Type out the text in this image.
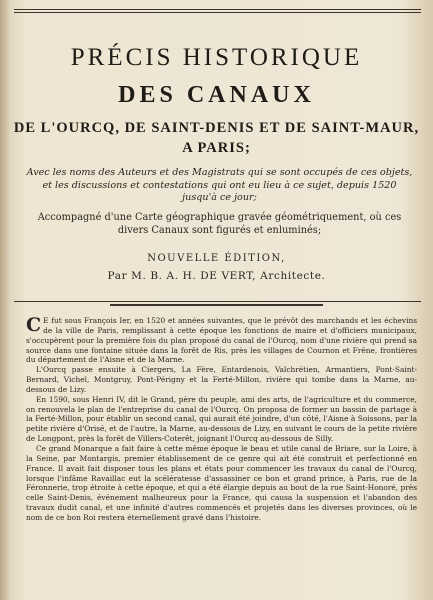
PRÉCIS HISTORIQUE
DES CANAUX
DE L'OURCQ, DE SAINT-DENIS ET DE SAINT-MAUR,
A PARIS;
Avec les noms des Auteurs et des Magistrats qui se sont occupés de ces objets, et les discussions et contestations qui ont eu lieu à ce sujet, depuis 1520 jusqu'à ce jour;
Accompagné d'une Carte géographique gravée géométriquement, où ces divers Canaux sont figurés et enluminés;
NOUVELLE ÉDITION,
Par M. B. A. H. DE VERT, Architecte.

C E fut sous François Ier, en 1520 et années suivantes, que le prévôt des marchands et les échevins de la ville de Paris, remplissant à cette époque les fonctions de maire et d'officiers municipaux, s'occupèrent pour la première fois du plan proposé du canal de l'Ourcq, nom d'une rivière qui prend sa source dans une fontaine située dans la forêt de Ris, près les villages de Cournon et Frêne, frontières du département de l'Aisne et de la Marne.

L'Ourcq passe ensuite à Ciergers, La Fère, Entardenois, Valchrétien, Armantiers, Pont-Saint-Bernard, Vichel, Montgruy, Pont-Périgny et la Ferté-Millon, rivière qui tombe dans la Marne, au-dessous de Lizy.

En 1590, sous Henri IV, dit le Grand, père du peuple, ami des arts, de l'agriculture et du commerce, on renouvela le plan de l'entreprise du canal de l'Ourcq. On proposa de former un bassin de partage à la Ferté-Millon, pour établir un second canal, qui aurait été joindre, d'un côté, l'Aisne à Soissons, par la petite rivière d'Orisé, et de l'autre, la Marne, au-dessous de Lizy, en suivant le cours de la petite rivière de Longpont, près la forêt de Villers-Coterêt, joignant l'Ourcq au-dessous de Silly.

Ce grand Monarque a fait faire à cette même époque le beau et utile canal de Briare, sur la Loire, à la Seine, par Montargis, premier établissement de ce genre qui ait été construit et perfectionné en France. Il avait fait disposer tous les plans et états pour commencer les travaux du canal de l'Ourcq, lorsque l'infâme Ravaillac eut la scélératesse d'assassiner ce bon et grand prince, à Paris, rue de la Féronnerie, trop étroite à cette époque, et qui a été élargie depuis au bout de la rue Saint-Honoré, près celle Saint-Denis, événement malheureux pour la France, qui causa la suspension et l'abandon des travaux dudit canal, et une infinité d'autres commencés et projetés dans les diverses provinces, où le nom de ce bon Roi restera éternellement gravé dans l'histoire.
